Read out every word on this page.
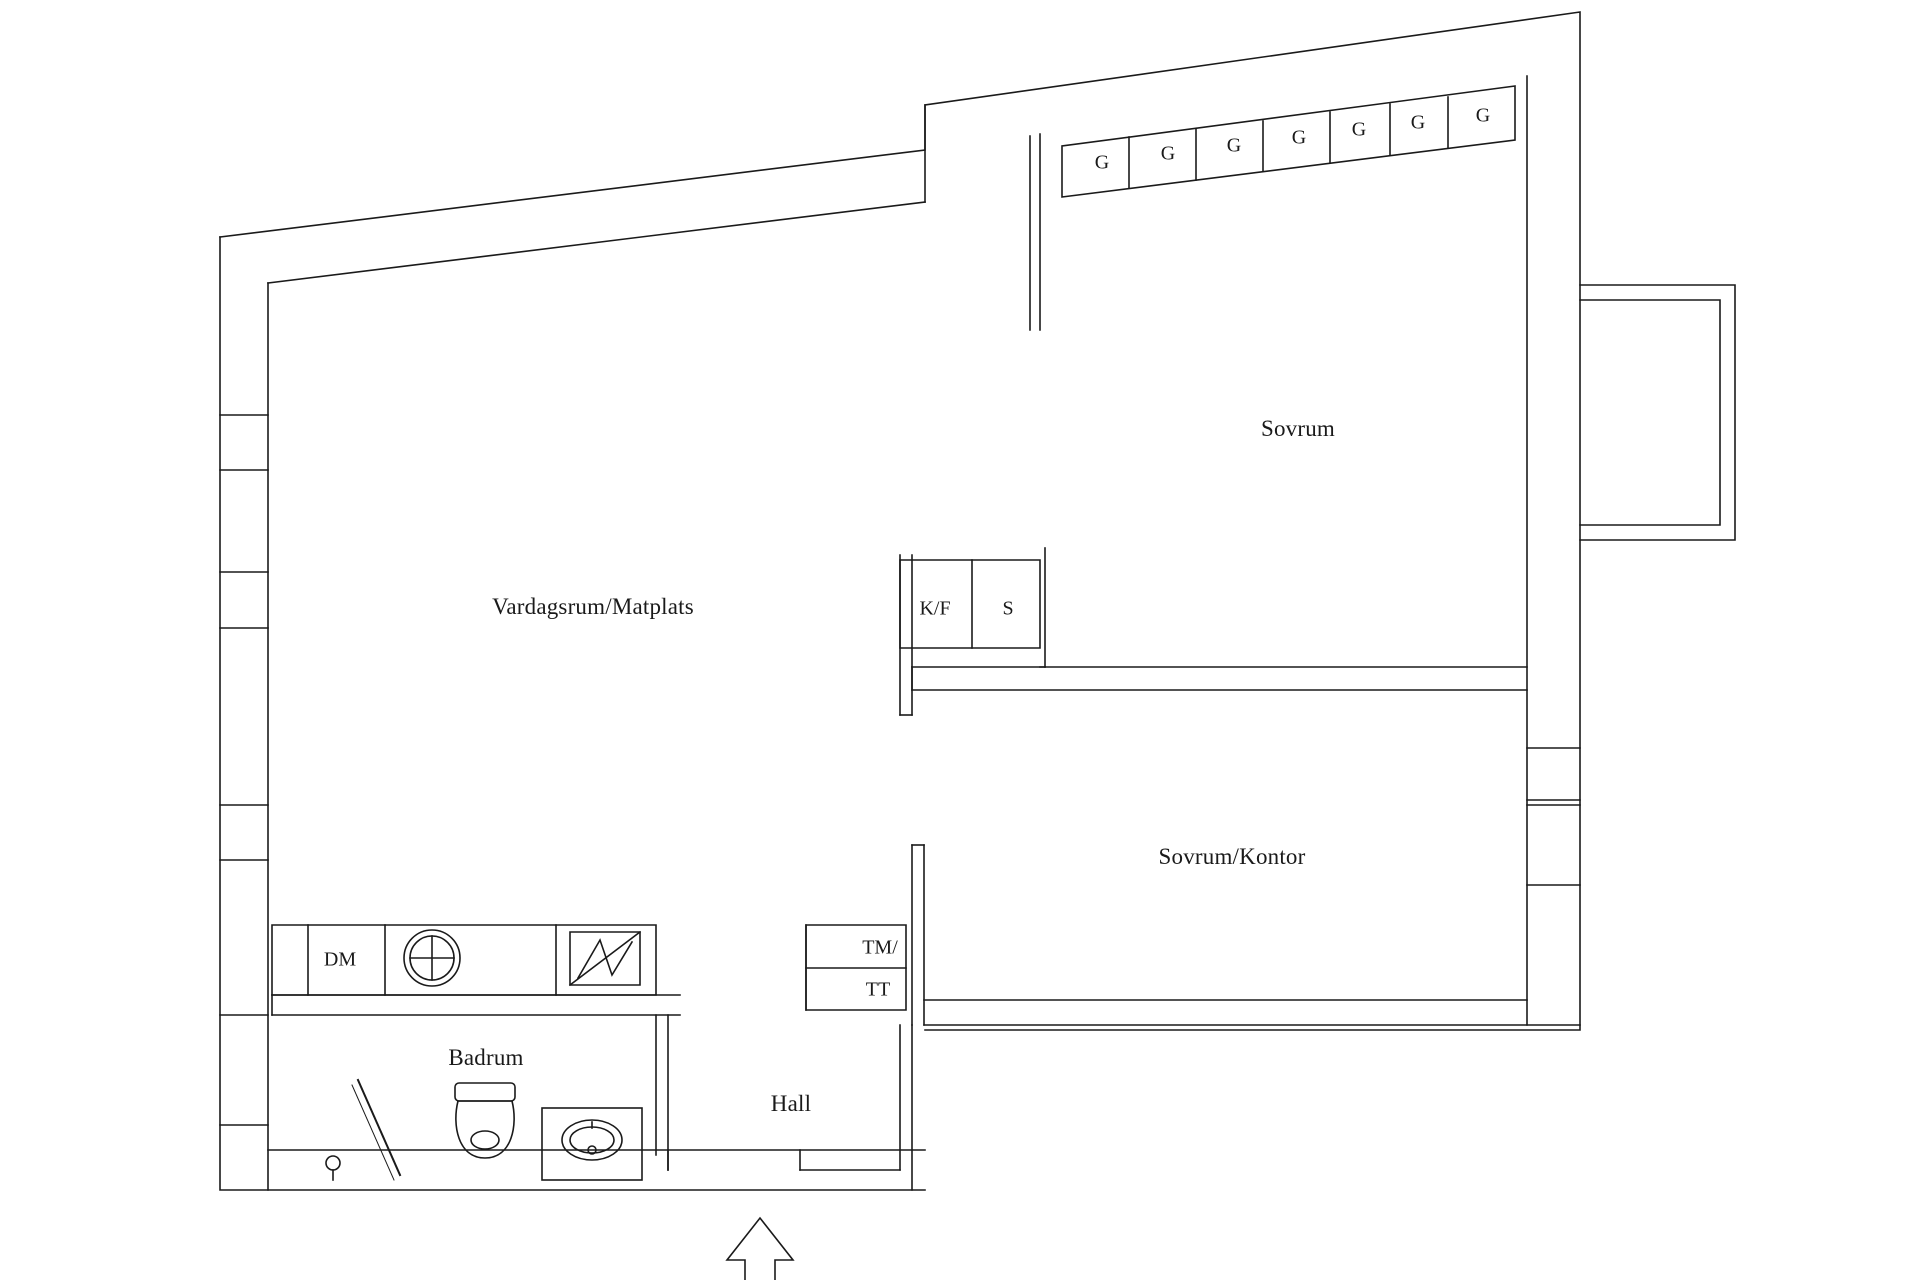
Vardagsrum/Matplats
Sovrum
Sovrum/Kontor
Badrum
Hall
G	G	G	G G G	G
DM
K/F	S
TM/
TT
